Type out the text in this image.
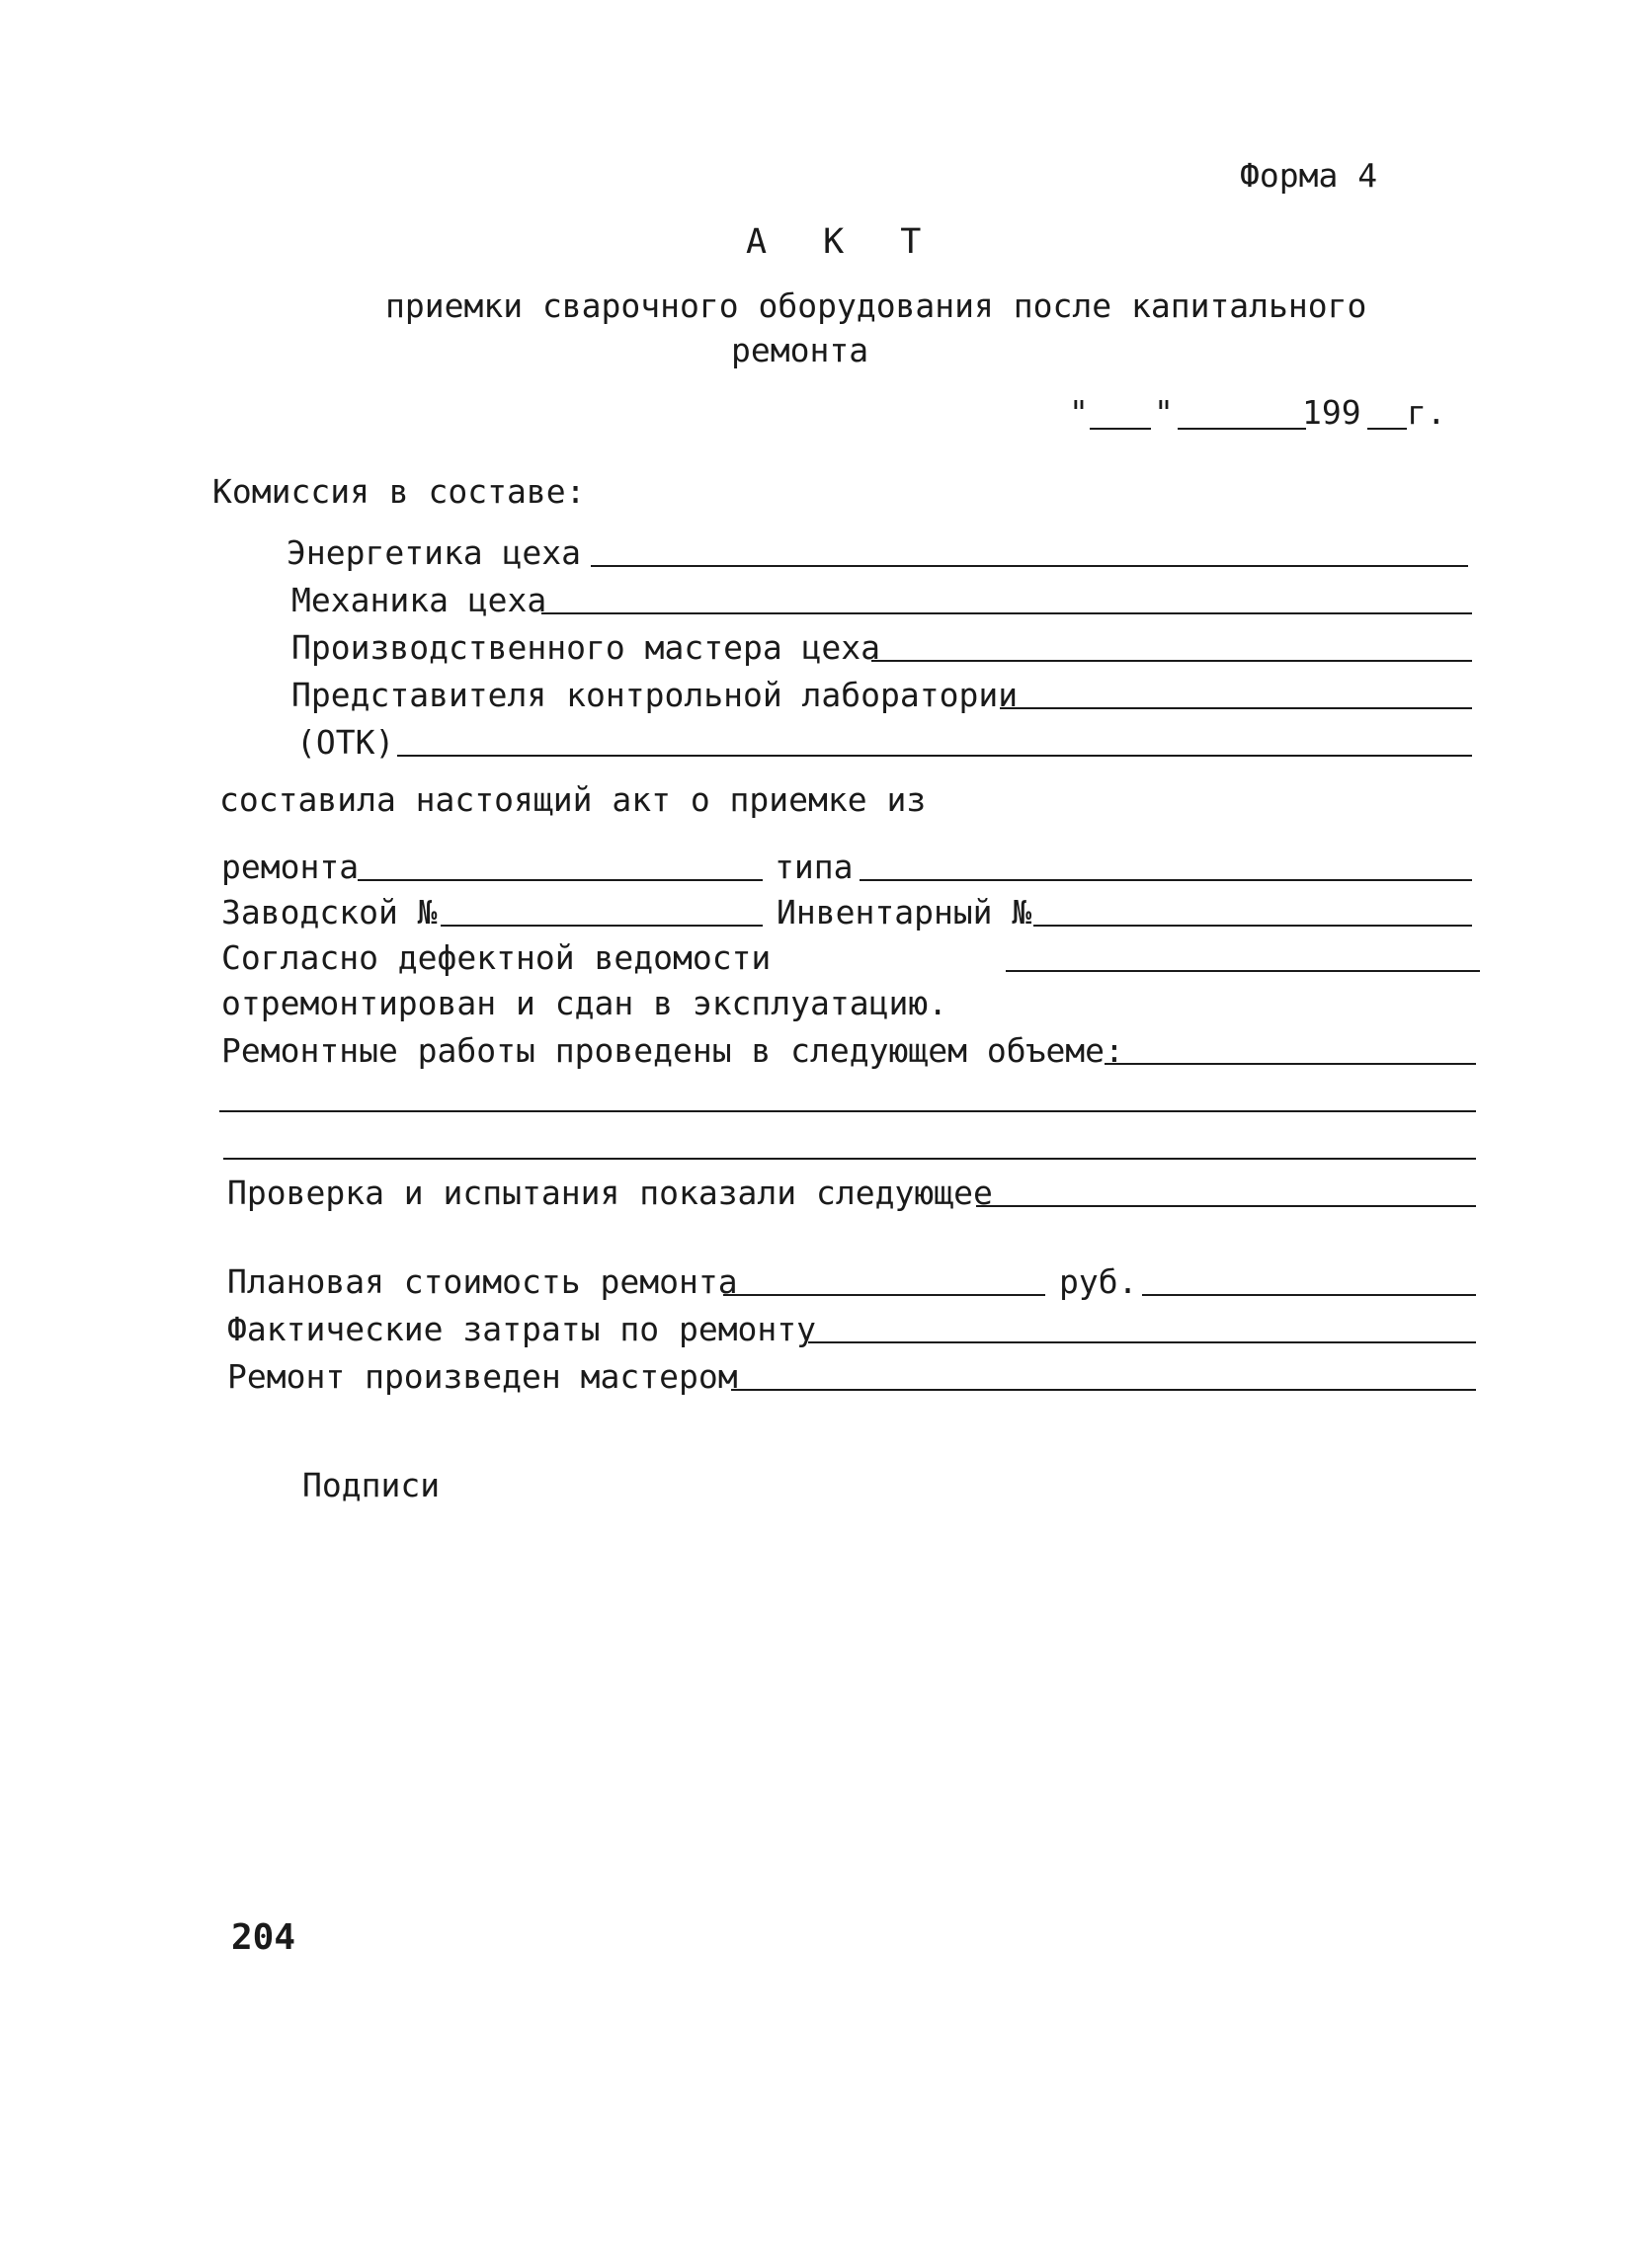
Форма 4
А К Т
приемки сварочного оборудования после капитального
ремонта
" "	199 г.
Комиссия в составе:
Энергетика цеха
Механика цеха
Производственного мастера цеха
Представителя контрольной лаборатории
(ОТК)
составила настоящий акт о приемке из
ремонта	типа
Заводской №	Инвентарный №
Согласно дефектной ведомости
отремонтирован и сдан в эксплуатацию.
Ремонтные работы проведены в следующем объеме:
Проверка и испытания показали следующее
Плановая стоимость ремонта	руб.
Фактические затраты по ремонту
Ремонт произведен мастером
Подписи
204
